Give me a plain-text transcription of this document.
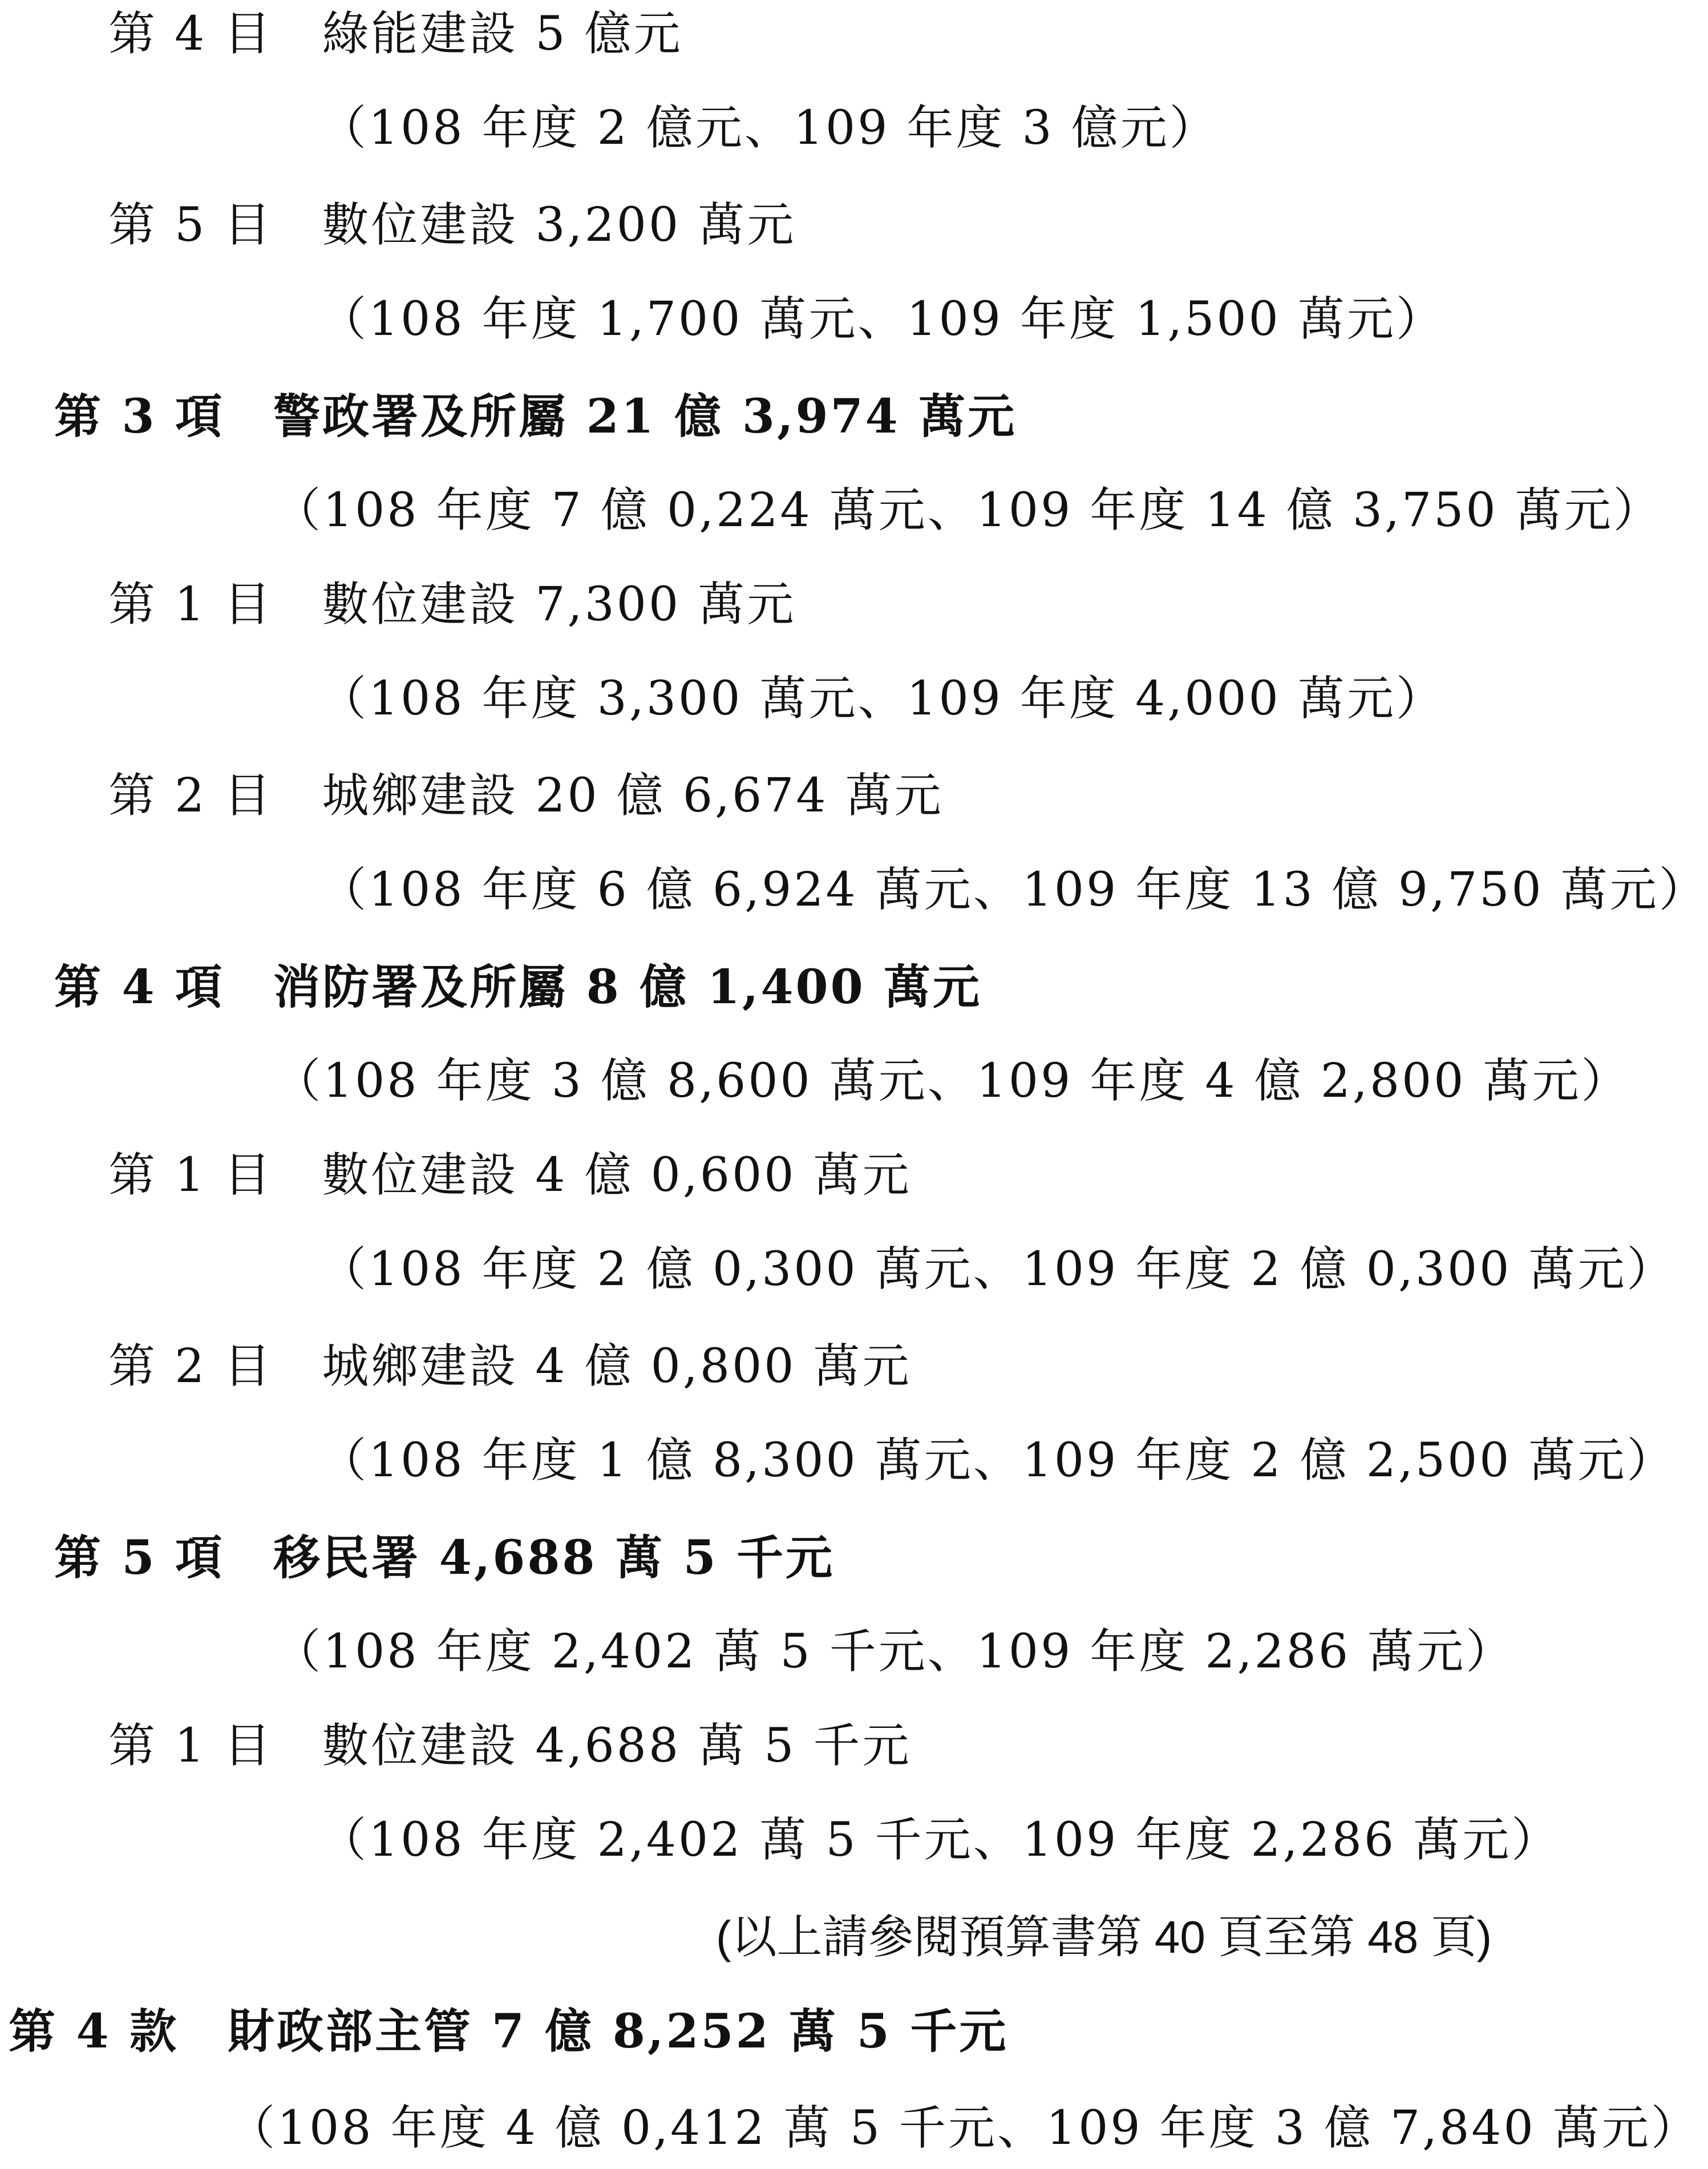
第 4 目　綠能建設 5 億元
（108 年度 2 億元、109 年度 3 億元）
第 5 目　數位建設 3,200 萬元
（108 年度 1,700 萬元、109 年度 1,500 萬元）
第 3 項　警政署及所屬 21 億 3,974 萬元
（108 年度 7 億 0,224 萬元、109 年度 14 億 3,750 萬元）
第 1 目　數位建設 7,300 萬元
（108 年度 3,300 萬元、109 年度 4,000 萬元）
第 2 目　城鄉建設 20 億 6,674 萬元
（108 年度 6 億 6,924 萬元、109 年度 13 億 9,750 萬元）
第 4 項　消防署及所屬 8 億 1,400 萬元
（108 年度 3 億 8,600 萬元、109 年度 4 億 2,800 萬元）
第 1 目　數位建設 4 億 0,600 萬元
（108 年度 2 億 0,300 萬元、109 年度 2 億 0,300 萬元）
第 2 目　城鄉建設 4 億 0,800 萬元
（108 年度 1 億 8,300 萬元、109 年度 2 億 2,500 萬元）
第 5 項　移民署 4,688 萬 5 千元
（108 年度 2,402 萬 5 千元、109 年度 2,286 萬元）
第 1 目　數位建設 4,688 萬 5 千元
（108 年度 2,402 萬 5 千元、109 年度 2,286 萬元）
(以上請參閱預算書第 40 頁至第 48 頁)
第 4 款　財政部主管 7 億 8,252 萬 5 千元
（108 年度 4 億 0,412 萬 5 千元、109 年度 3 億 7,840 萬元）
